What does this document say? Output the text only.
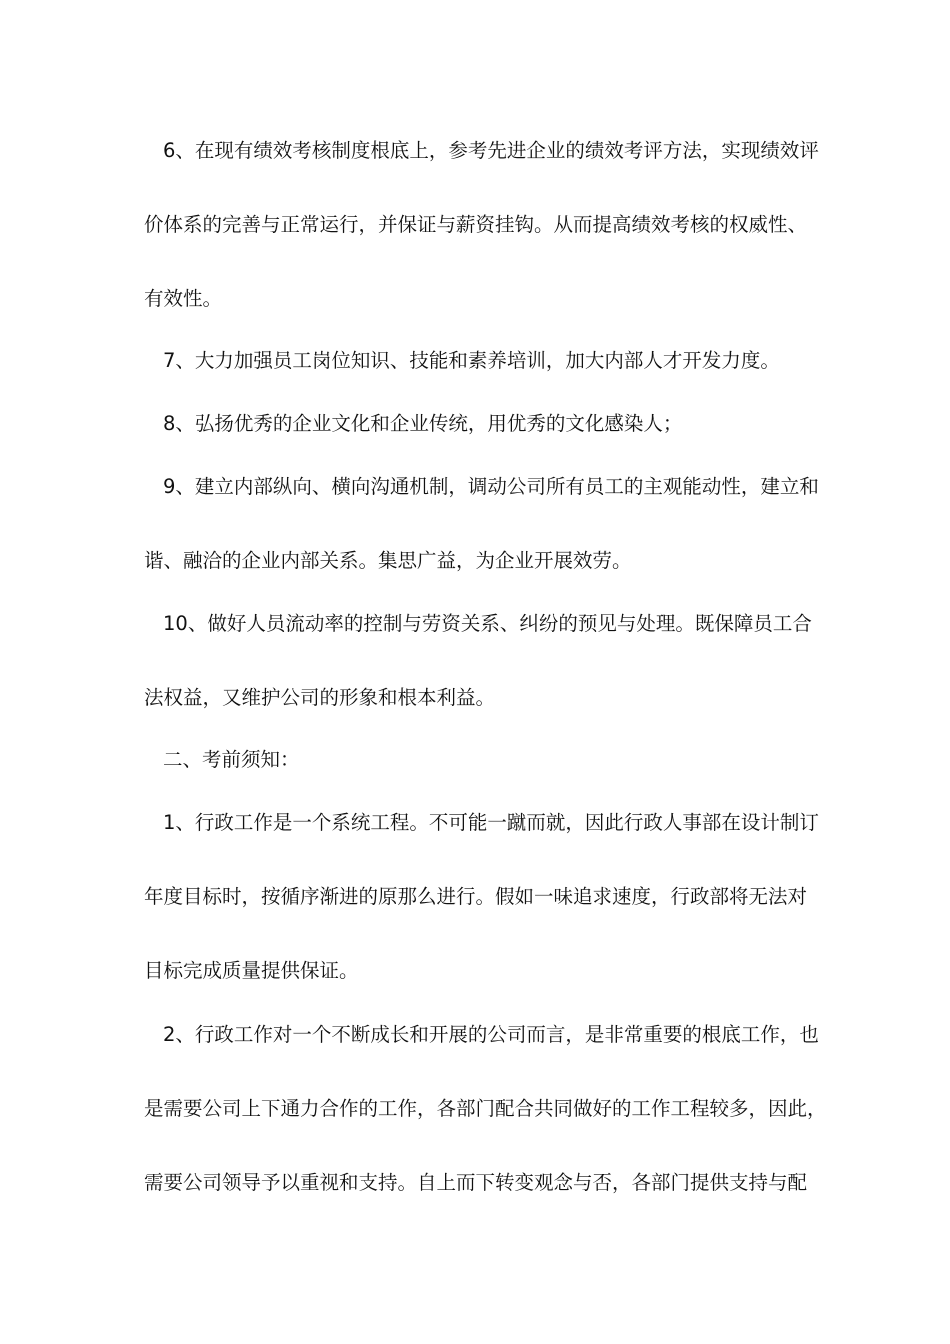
6、在现有绩效考核制度根底上，参考先进企业的绩效考评方法，实现绩效评
价体系的完善与正常运行，并保证与薪资挂钩。从而提高绩效考核的权威性、
有效性。
7、大力加强员工岗位知识、技能和素养培训，加大内部人才开发力度。
8、弘扬优秀的企业文化和企业传统，用优秀的文化感染人；
9、建立内部纵向、横向沟通机制，调动公司所有员工的主观能动性，建立和
谐、融洽的企业内部关系。集思广益，为企业开展效劳。
10、做好人员流动率的控制与劳资关系、纠纷的预见与处理。既保障员工合
法权益，又维护公司的形象和根本利益。
二、考前须知：
1、行政工作是一个系统工程。不可能一蹴而就，因此行政人事部在设计制订
年度目标时，按循序渐进的原那么进行。假如一味追求速度，行政部将无法对
目标完成质量提供保证。
2、行政工作对一个不断成长和开展的公司而言，是非常重要的根底工作，也
是需要公司上下通力合作的工作，各部门配合共同做好的工作工程较多，因此，
需要公司领导予以重视和支持。自上而下转变观念与否，各部门提供支持与配
